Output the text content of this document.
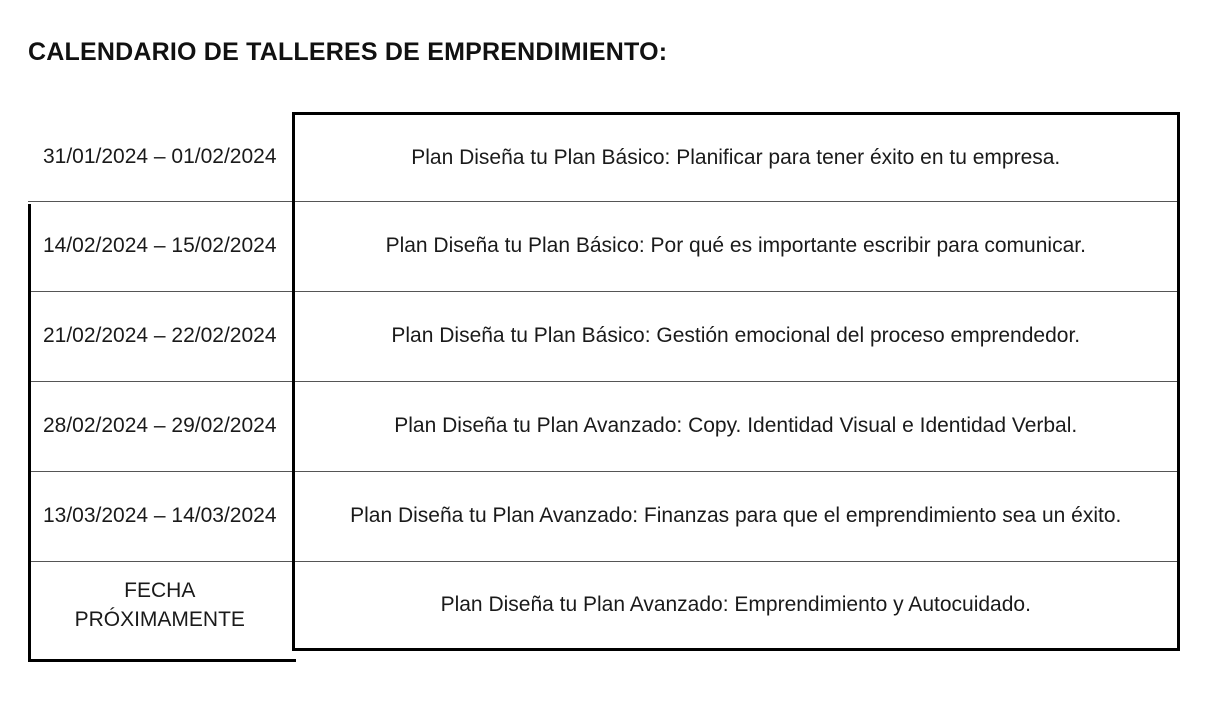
CALENDARIO DE TALLERES DE EMPRENDIMIENTO:
31/01/2024 – 01/02/2024	Plan Diseña tu Plan Básico: Planificar para tener éxito en tu empresa.
14/02/2024 – 15/02/2024	Plan Diseña tu Plan Básico: Por qué es importante escribir para comunicar.
21/02/2024 – 22/02/2024	Plan Diseña tu Plan Básico: Gestión emocional del proceso emprendedor.
28/02/2024 – 29/02/2024	Plan Diseña tu Plan Avanzado: Copy. Identidad Visual e Identidad Verbal.
13/03/2024 – 14/03/2024	Plan Diseña tu Plan Avanzado: Finanzas para que el emprendimiento sea un éxito.
FECHA PRÓXIMAMENTE	Plan Diseña tu Plan Avanzado: Emprendimiento y Autocuidado.
